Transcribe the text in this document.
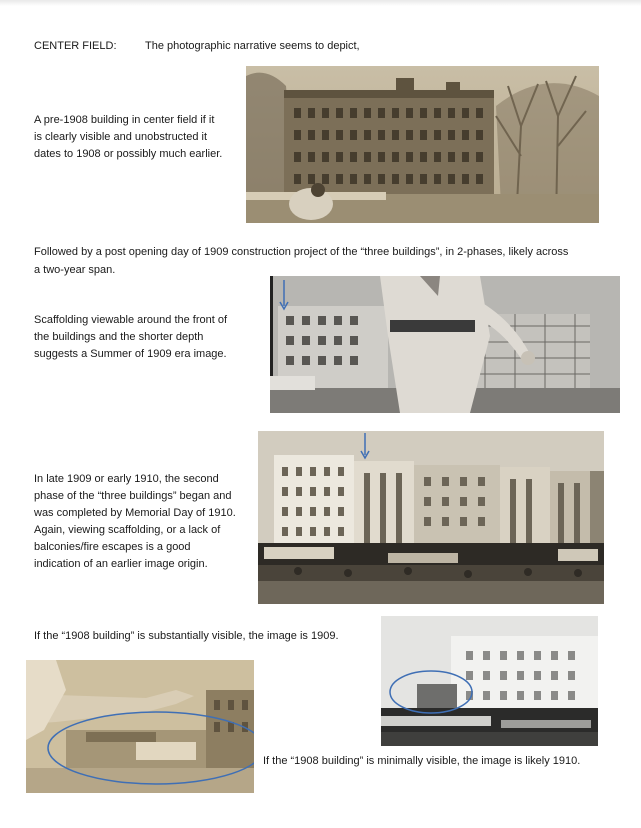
CENTER FIELD:	The photographic narrative seems to depict,
A pre-1908 building in center field if it
is clearly visible and unobstructed it
dates to 1908 or possibly much earlier.
Followed by a post opening day of 1909 construction project of the “three buildings”, in 2-phases, likely across
a two-year span.
Scaffolding viewable around the front of
the buildings and the shorter depth
suggests a Summer of 1909 era image.
In late 1909 or early 1910, the second
phase of the “three buildings” began and
was completed by Memorial Day of 1910.
Again, viewing scaffolding, or a lack of
balconies/fire escapes is a good
indication of an earlier image origin.
If the “1908 building” is substantially visible, the image is 1909.
If the “1908 building” is minimally visible, the image is likely 1910.
